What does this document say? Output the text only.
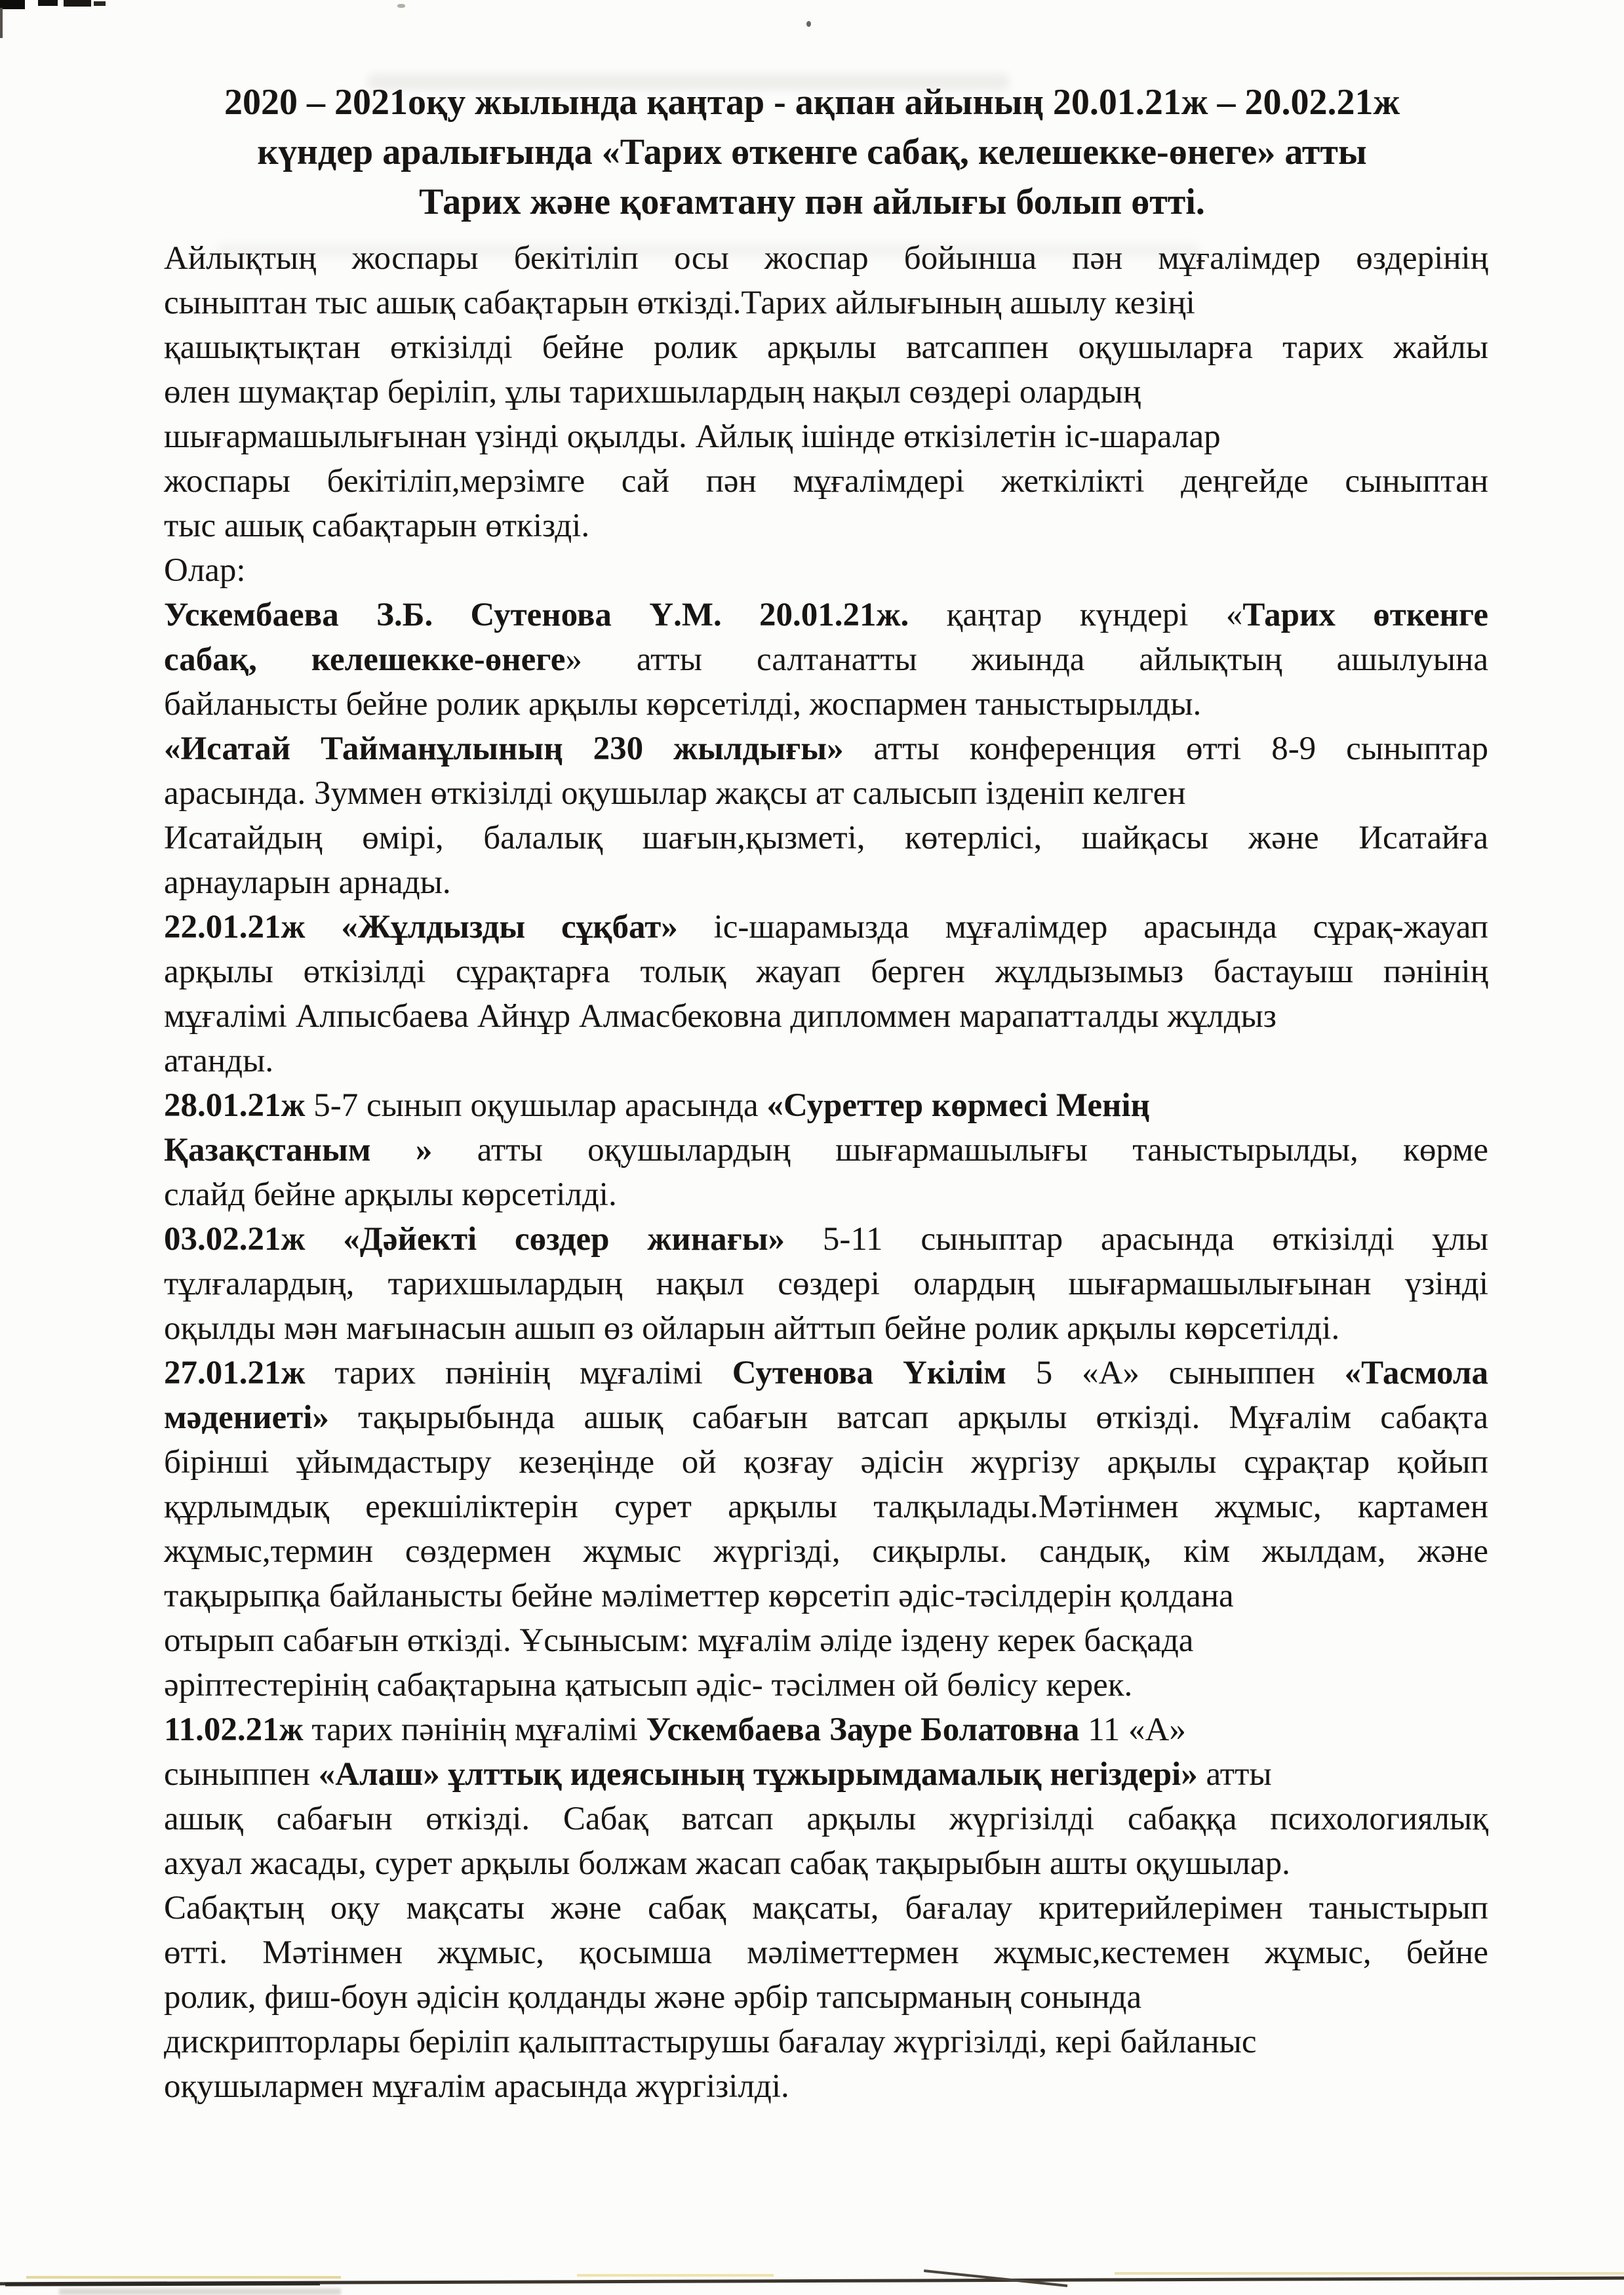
2020 – 2021оқу жылында қаңтар - ақпан айының 20.01.21ж – 20.02.21ж
күндер аралығында «Тарих өткенге сабақ, келешекке-өнеге» атты
Тарих және қоғамтану пән айлығы болып өтті.
Айлықтың жоспары бекітіліп осы жоспар бойынша пән мұғалімдер өздерінің
сыныптан тыс ашық сабақтарын өткізді.Тарих айлығының ашылу кезіңі
қашықтықтан өткізілді бейне ролик арқылы ватсаппен оқушыларға тарих жайлы
өлен шумақтар беріліп, ұлы тарихшылардың нақыл сөздері олардың
шығармашылығынан үзінді оқылды. Айлық ішінде өткізілетін іс-шаралар
жоспары бекітіліп,мерзімге сай пән мұғалімдері жеткілікті деңгейде сыныптан
тыс ашық сабақтарын өткізді.
Олар:
Ускембаева З.Б. Сутенова Ү.М. 20.01.21ж. қаңтар күндері «Тарих өткенге
сабақ, келешекке-өнеге» атты салтанатты жиында айлықтың ашылуына
байланысты бейне ролик арқылы көрсетілді, жоспармен таныстырылды.
«Исатай Тайманұлының 230 жылдығы» атты конференция өтті 8-9 сыныптар
арасында. Зуммен өткізілді оқушылар жақсы ат салысып ізденіп келген
Исатайдың өмірі, балалық шағын,қызметі, көтерлісі, шайқасы және Исатайға
арнауларын арнады.
22.01.21ж «Жұлдызды сұқбат» іс-шарамызда мұғалімдер арасында сұрақ-жауап
арқылы өткізілді сұрақтарға толық жауап берген жұлдызымыз бастауыш пәнінің
мұғалімі Алпысбаева Айнұр Алмасбековна дипломмен марапатталды жұлдыз
атанды.
28.01.21ж 5-7 сынып оқушылар арасында «Суреттер көрмесі Менің
Қазақстаным » атты оқушылардың шығармашылығы таныстырылды, көрме
слайд бейне арқылы көрсетілді.
03.02.21ж «Дәйекті сөздер жинағы» 5-11 сыныптар арасында өткізілді ұлы
тұлғалардың, тарихшылардың нақыл сөздері олардың шығармашылығынан үзінді
оқылды мән мағынасын ашып өз ойларын айттып бейне ролик арқылы көрсетілді.
27.01.21ж тарих пәнінің мұғалімі Сутенова Үкілім 5 «А» сыныппен «Тасмола
мәдениеті» тақырыбында ашық сабағын ватсап арқылы өткізді. Мұғалім сабақта
бірінші ұйымдастыру кезеңінде ой қозғау әдісін жүргізу арқылы сұрақтар қойып
құрлымдық ерекшіліктерін сурет арқылы талқылады.Мәтінмен жұмыс, картамен
жұмыс,термин сөздермен жұмыс жүргізді, сиқырлы. сандық, кім жылдам, және
тақырыпқа байланысты бейне мәліметтер көрсетіп әдіс-тәсілдерін қолдана
отырып сабағын өткізді. Ұсынысым: мұғалім әліде іздену керек басқада
әріптестерінің сабақтарына қатысып әдіс- тәсілмен ой бөлісу керек.
11.02.21ж тарих пәнінің мұғалімі Ускембаева Зауре Болатовна 11 «А»
сыныппен «Алаш» ұлттық идеясының тұжырымдамалық негіздері» атты
ашық сабағын өткізді. Сабақ ватсап арқылы жүргізілді сабаққа психологиялық
ахуал жасады, сурет арқылы болжам жасап сабақ тақырыбын ашты оқушылар.
Сабақтың оқу мақсаты және сабақ мақсаты, бағалау критерийлерімен таныстырып
өтті. Мәтінмен жұмыс, қосымша мәліметтермен жұмыс,кестемен жұмыс, бейне
ролик, фиш-боун әдісін қолданды және әрбір тапсырманың сонында
дискрипторлары беріліп қалыптастырушы бағалау жүргізілді, кері байланыс
оқушылармен мұғалім арасында жүргізілді.
